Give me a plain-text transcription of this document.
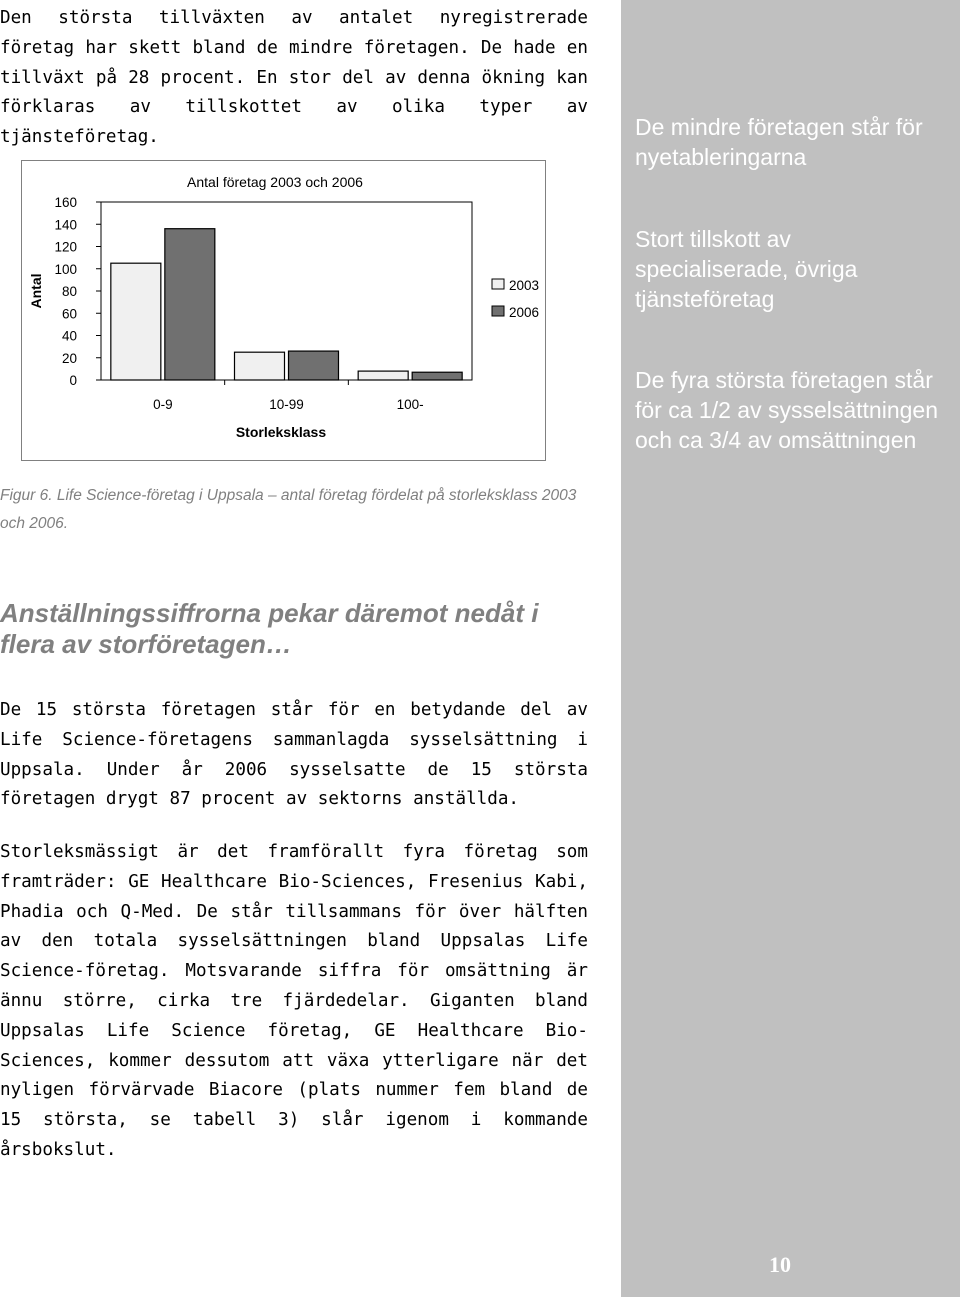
Den största tillväxten av antalet nyregistrerade företag har skett bland de mindre företagen. De hade en tillväxt på 28 procent. En stor del av denna ökning kan förklaras av tillskottet av olika typer av tjänsteföretag.

Antal företag 2003 och 2006
Antal
Storleksklass
0
20
40
60
80
100
120
140
160
0-9	10-99	100-
2003
2006

Figur 6. Life Science-företag i Uppsala – antal företag fördelat på storleksklass 2003 och 2006.

Anställningssiffrorna pekar däremot nedåt i flera av storföretagen…

De 15 största företagen står för en betydande del av Life Science-företagens sammanlagda sysselsättning i Uppsala. Under år 2006 sysselsatte de 15 största företagen drygt 87 procent av sektorns anställda.

Storleksmässigt är det framförallt fyra företag som framträder: GE Healthcare Bio-Sciences, Fresenius Kabi, Phadia och Q-Med. De står tillsammans för över hälften av den totala sysselsättningen bland Uppsalas Life Science-företag. Motsvarande siffra för omsättning är ännu större, cirka tre fjärdedelar. Giganten bland Uppsalas Life Science företag, GE Healthcare Bio-Sciences, kommer dessutom att växa ytterligare när det nyligen förvärvade Biacore (plats nummer fem bland de 15 största, se tabell 3) slår igenom i kommande årsbokslut.

De mindre företagen står för nyetableringarna

Stort tillskott av specialiserade, övriga tjänsteföretag

De fyra största företagen står för ca 1/2 av sysselsättningen och ca 3/4 av omsättningen

10
